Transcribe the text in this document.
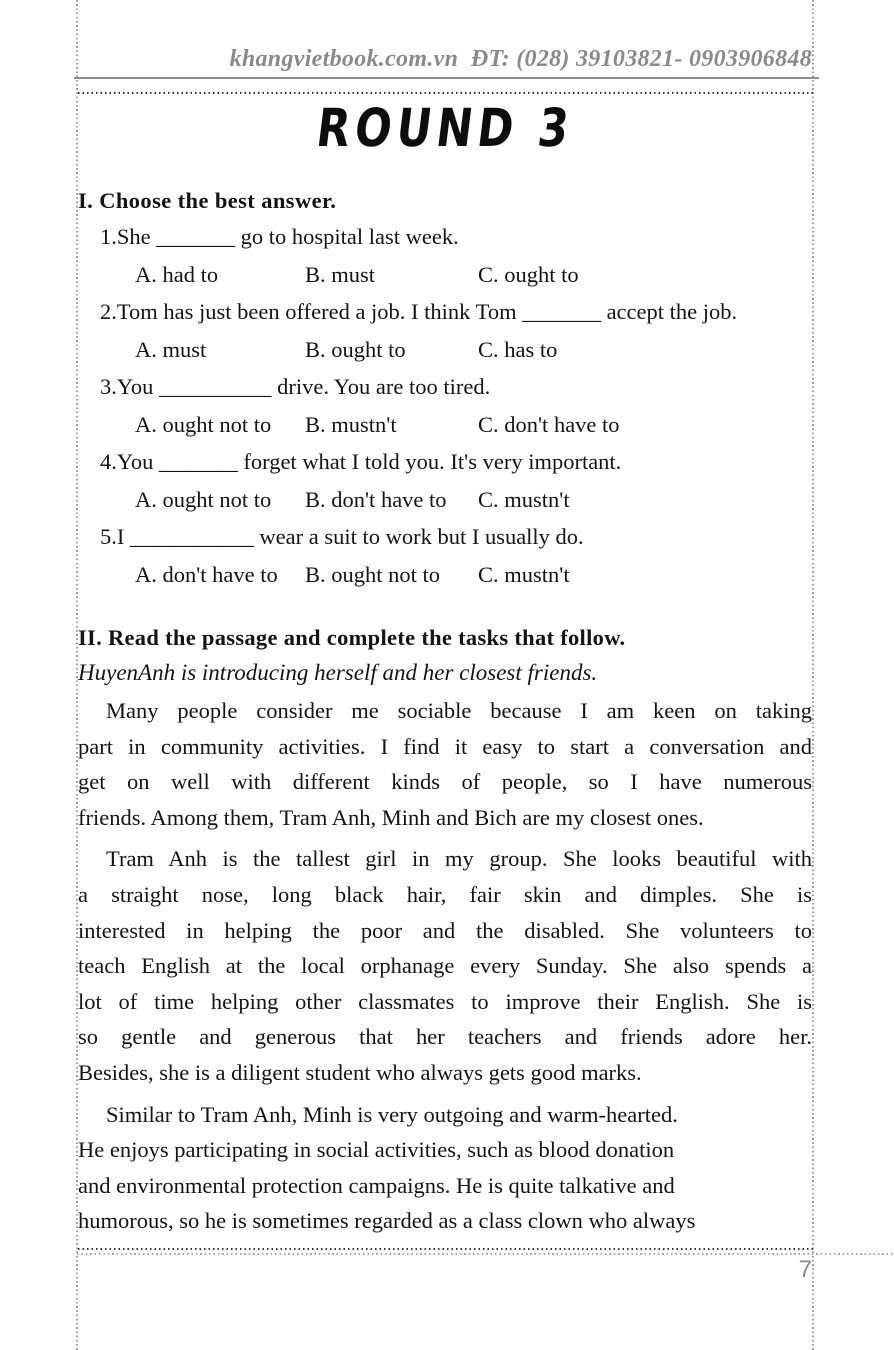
khangvietbook.com.vn  ĐT: (028) 39103821- 0903906848
ROUND 3
I. Choose the best answer.
1.She _______ go to hospital last week.
A. had to	B. must	C. ought to
2.Tom has just been offered a job. I think Tom _______ accept the job.
A. must	B. ought to	C. has to
3.You __________ drive. You are too tired.
A. ought not to	B. mustn't	C. don't have to
4.You _______ forget what I told you. It's very important.
A. ought not to	B. don't have to	C. mustn't
5.I ___________ wear a suit to work but I usually do.
A. don't have to	B. ought not to	C. mustn't
II. Read the passage and complete the tasks that follow.
HuyenAnh is introducing herself and her closest friends.
Many people consider me sociable because I am keen on taking
part in community activities. I find it easy to start a conversation and
get on well with different kinds of people, so I have numerous
friends. Among them, Tram Anh, Minh and Bich are my closest ones.
Tram Anh is the tallest girl in my group. She looks beautiful with
a straight nose, long black hair, fair skin and dimples. She is
interested in helping the poor and the disabled. She volunteers to
teach English at the local orphanage every Sunday. She also spends a
lot of time helping other classmates to improve their English. She is
so gentle and generous that her teachers and friends adore her.
Besides, she is a diligent student who always gets good marks.
Similar to Tram Anh, Minh is very outgoing and warm-hearted.
He enjoys participating in social activities, such as blood donation
and environmental protection campaigns. He is quite talkative and
humorous, so he is sometimes regarded as a class clown who always
7
